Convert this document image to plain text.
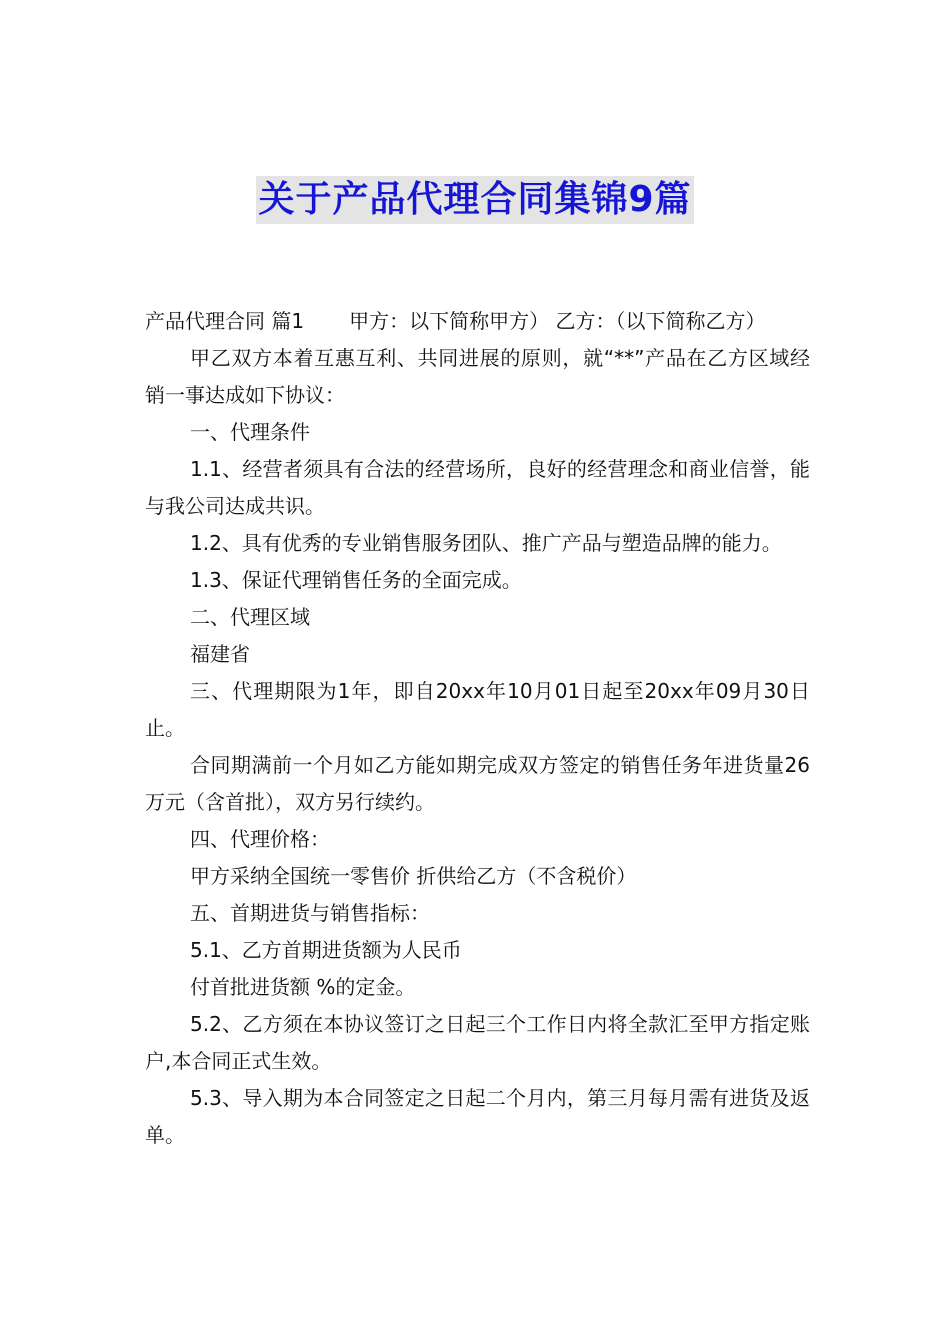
关于产品代理合同集锦9篇

产品代理合同 篇1 甲方：以下简称甲方） 乙方：（以下简称乙方）

甲乙双方本着互惠互利、共同进展的原则，就“**”产品在乙方区域经销一事达成如下协议：

一、代理条件

1.1、经营者须具有合法的经营场所，良好的经营理念和商业信誉，能与我公司达成共识。

1.2、具有优秀的专业销售服务团队、推广产品与塑造品牌的能力。

1.3、保证代理销售任务的全面完成。

二、代理区域

福建省

三、代理期限为1年，即自20xx年10月01日起至20xx年09月30日止。

合同期满前一个月如乙方能如期完成双方签定的销售任务年进货量26万元（含首批），双方另行续约。

四、代理价格：

甲方采纳全国统一零售价 折供给乙方（不含税价）

五、首期进货与销售指标：

5.1、乙方首期进货额为人民币

付首批进货额 %的定金。

5.2、乙方须在本协议签订之日起三个工作日内将全款汇至甲方指定账户,本合同正式生效。

5.3、导入期为本合同签定之日起二个月内，第三月每月需有进货及返单。
